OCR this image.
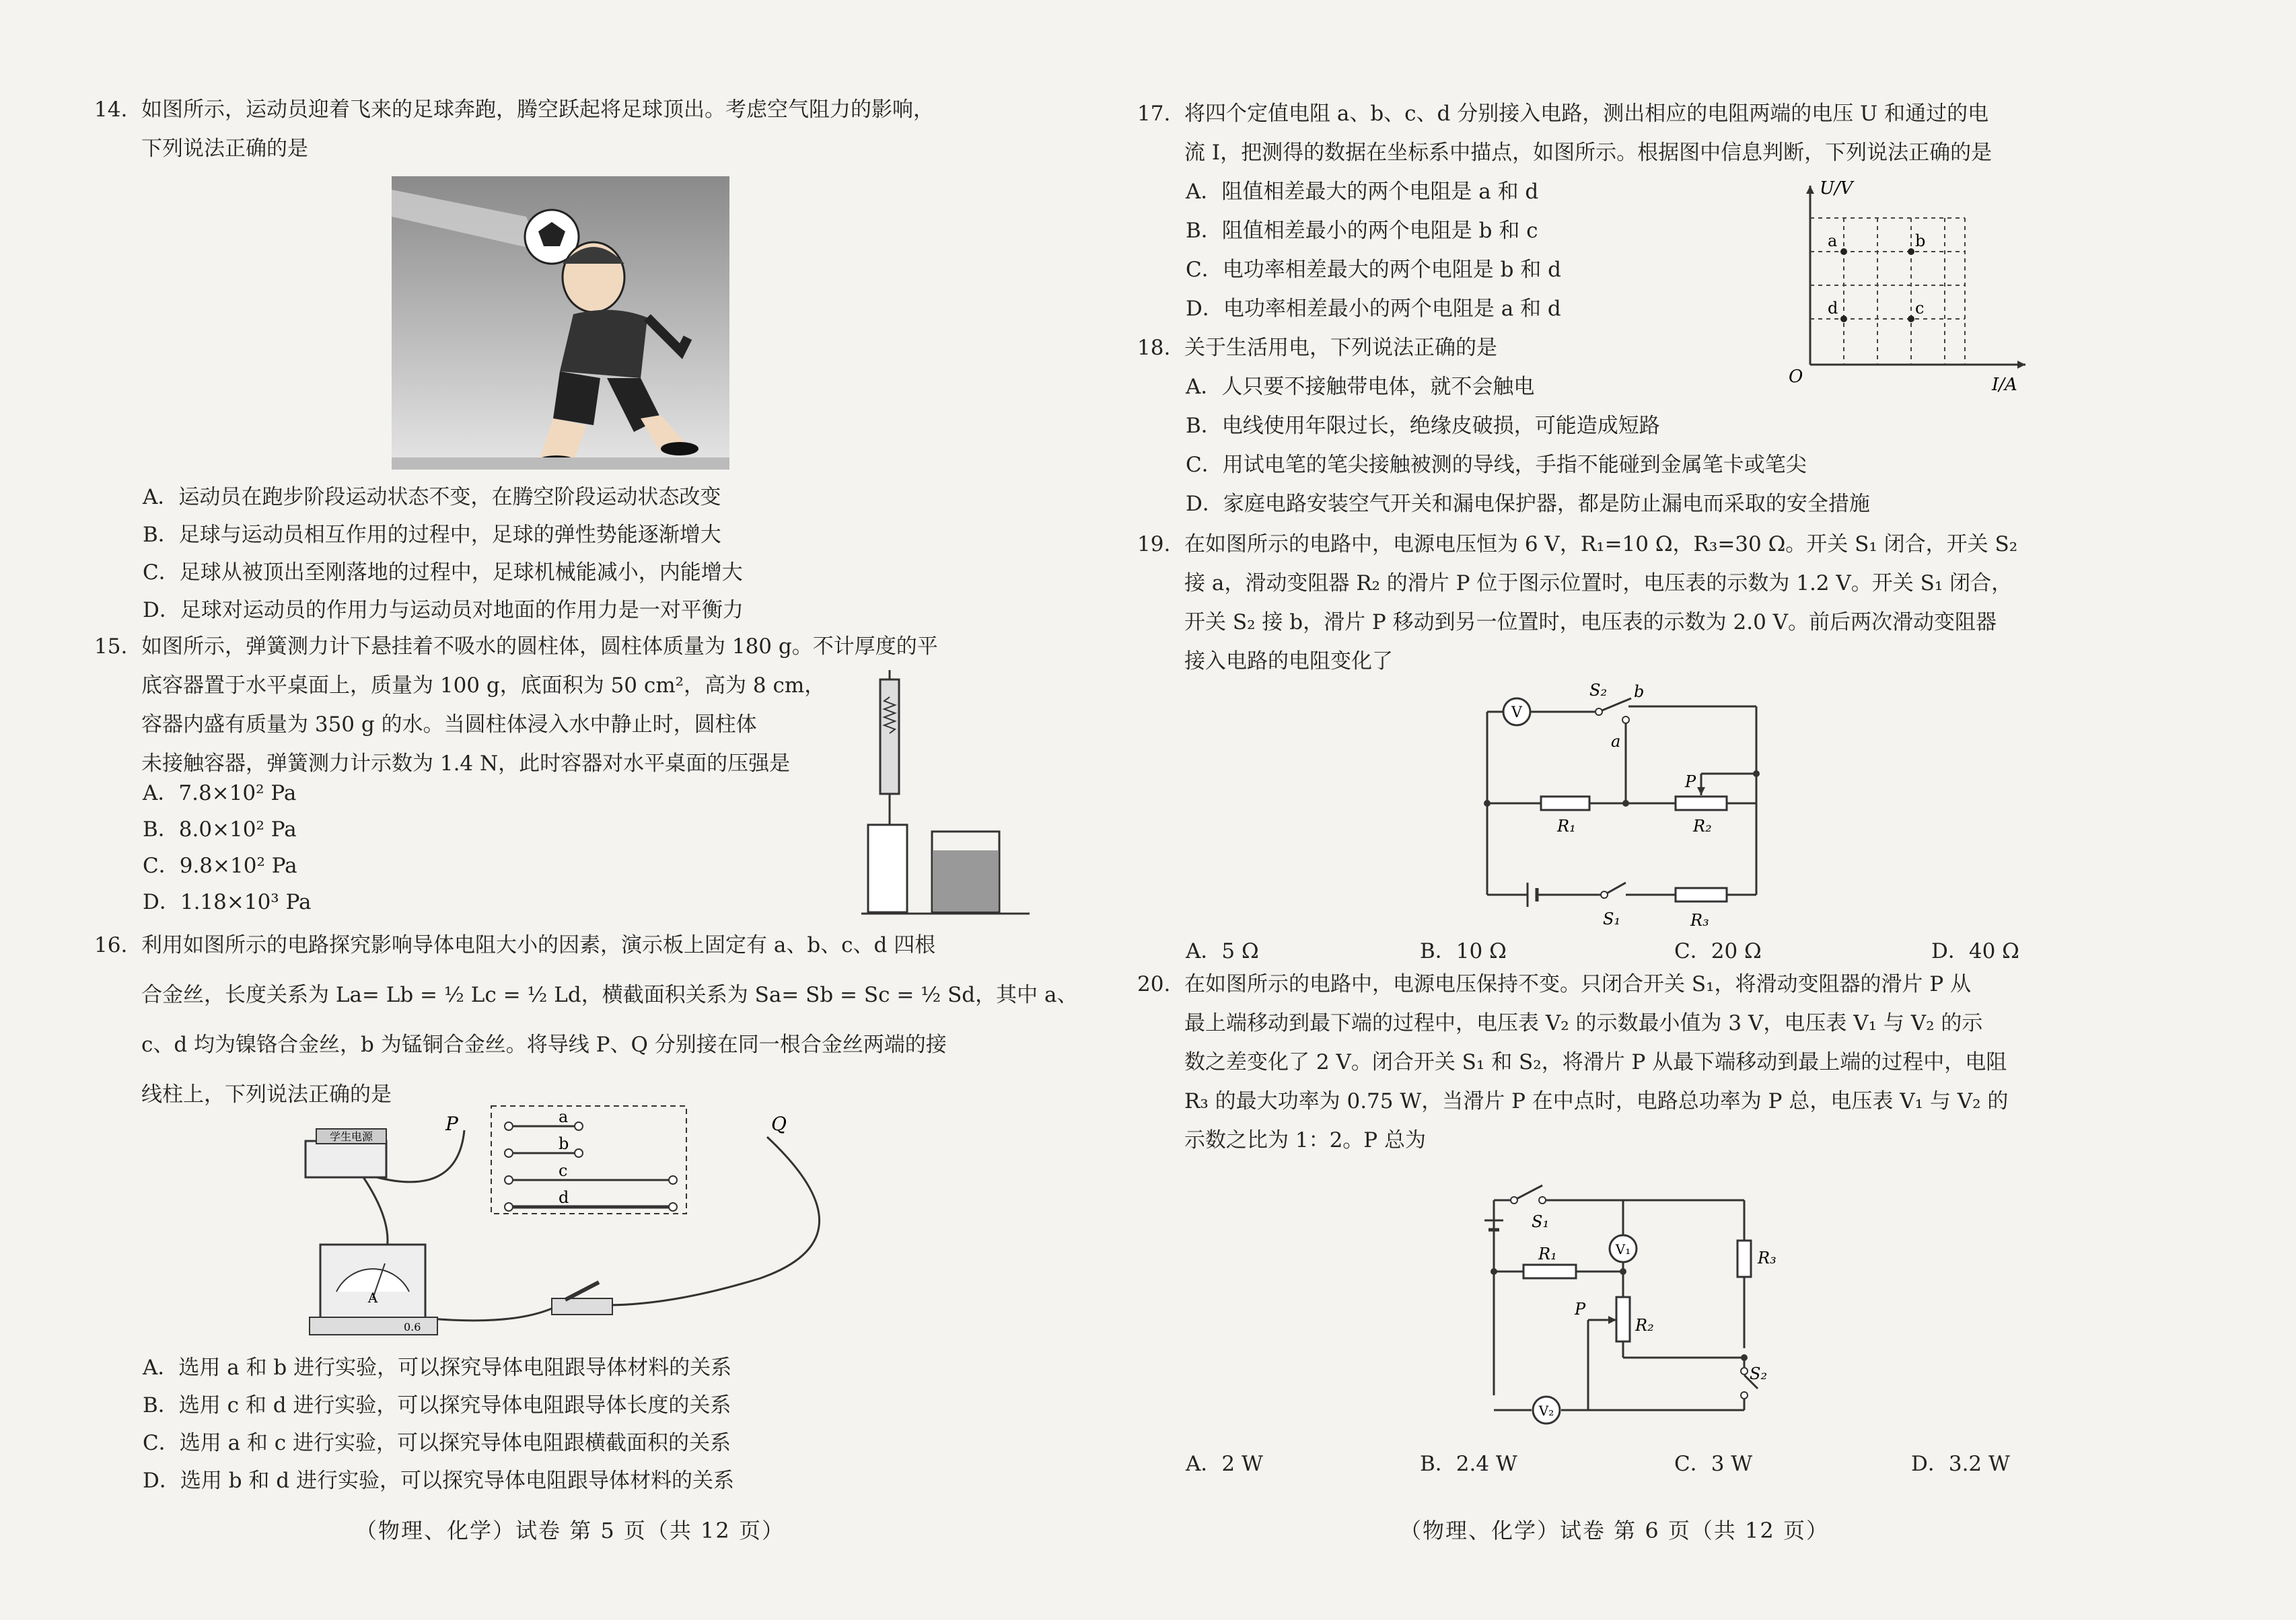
14. 如图所示，运动员迎着飞来的足球奔跑，腾空跃起将足球顶出。考虑空气阻力的影响，
下列说法正确的是
A．运动员在跑步阶段运动状态不变，在腾空阶段运动状态改变
B．足球与运动员相互作用的过程中，足球的弹性势能逐渐增大
C．足球从被顶出至刚落地的过程中，足球机械能减小，内能增大
D．足球对运动员的作用力与运动员对地面的作用力是一对平衡力
15. 如图所示，弹簧测力计下悬挂着不吸水的圆柱体，圆柱体质量为 180 g。不计厚度的平
底容器置于水平桌面上，质量为 100 g，底面积为 50 cm²，高为 8 cm，
容器内盛有质量为 350 g 的水。当圆柱体浸入水中静止时，圆柱体
未接触容器，弹簧测力计示数为 1.4 N，此时容器对水平桌面的压强是
A．7.8×10² Pa
B．8.0×10² Pa
C．9.8×10² Pa
D．1.18×10³ Pa
16. 利用如图所示的电路探究影响导体电阻大小的因素，演示板上固定有 a、b、c、d 四根
合金丝，长度关系为 La= Lb = ½ Lc = ½ Ld，横截面积关系为 Sa= Sb = Sc = ½ Sd，其中 a、
c、d 均为镍铬合金丝，b 为锰铜合金丝。将导线 P、Q 分别接在同一根合金丝两端的接
线柱上，下列说法正确的是
学生电源
a
b
c
d
P	Q
A
0.6
A．选用 a 和 b 进行实验，可以探究导体电阻跟导体材料的关系
B．选用 c 和 d 进行实验，可以探究导体电阻跟导体长度的关系
C．选用 a 和 c 进行实验，可以探究导体电阻跟横截面积的关系
D．选用 b 和 d 进行实验，可以探究导体电阻跟导体材料的关系
（物理、化学）试卷 第 5 页（共 12 页）
17. 将四个定值电阻 a、b、c、d 分别接入电路，测出相应的电阻两端的电压 U 和通过的电
流 I，把测得的数据在坐标系中描点，如图所示。根据图中信息判断，下列说法正确的是
A．阻值相差最大的两个电阻是 a 和 d
B．阻值相差最小的两个电阻是 b 和 c
C．电功率相差最大的两个电阻是 b 和 d
D．电功率相差最小的两个电阻是 a 和 d
U/V
I/A
O
a	b
d	c
18. 关于生活用电，下列说法正确的是
A．人只要不接触带电体，就不会触电
B．电线使用年限过长，绝缘皮破损，可能造成短路
C．用试电笔的笔尖接触被测的导线，手指不能碰到金属笔卡或笔尖
D．家庭电路安装空气开关和漏电保护器，都是防止漏电而采取的安全措施
19. 在如图所示的电路中，电源电压恒为 6 V，R₁=10 Ω，R₃=30 Ω。开关 S₁ 闭合，开关 S₂
接 a，滑动变阻器 R₂ 的滑片 P 位于图示位置时，电压表的示数为 1.2 V。开关 S₁ 闭合，
开关 S₂ 接 b，滑片 P 移动到另一位置时，电压表的示数为 2.0 V。前后两次滑动变阻器
接入电路的电阻变化了
V
S₂ b
a
R₁
P
R₂
S₁	R₃
A．5 Ω	B．10 Ω	C．20 Ω	D．40 Ω
20. 在如图所示的电路中，电源电压保持不变。只闭合开关 S₁，将滑动变阻器的滑片 P 从
最上端移动到最下端的过程中，电压表 V₂ 的示数最小值为 3 V，电压表 V₁ 与 V₂ 的示
数之差变化了 2 V。闭合开关 S₁ 和 S₂，将滑片 P 从最下端移动到最上端的过程中，电阻
R₃ 的最大功率为 0.75 W，当滑片 P 在中点时，电路总功率为 P 总，电压表 V₁ 与 V₂ 的
示数之比为 1：2。P 总为
S₁
V₁
R₁	R₃
P
R₂
S₂
V₂
A．2 W	B．2.4 W	C．3 W	D．3.2 W
（物理、化学）试卷 第 6 页（共 12 页）
